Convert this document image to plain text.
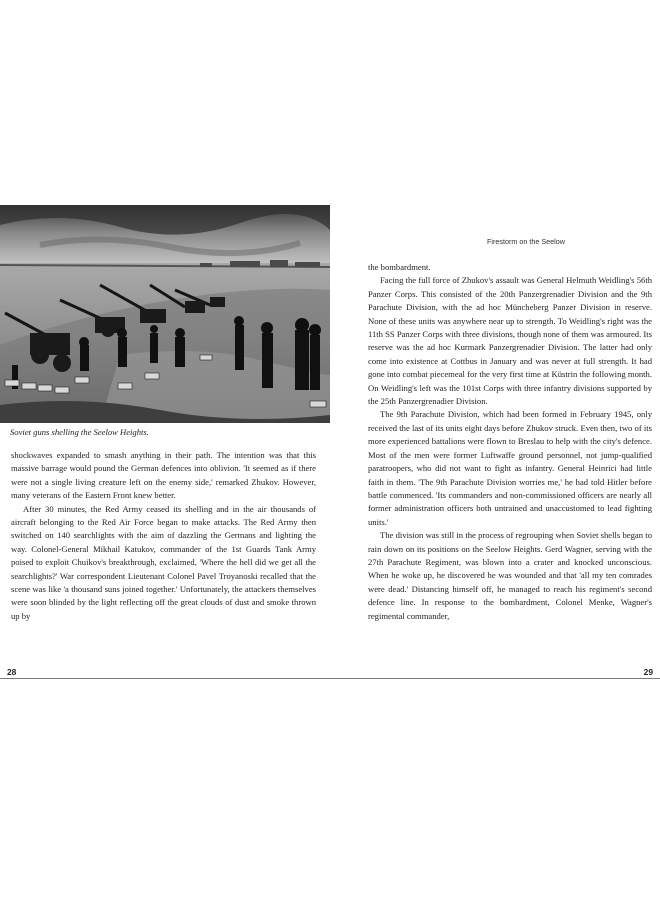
Soviet guns shelling the Seelow Heights.

shockwaves expanded to smash anything in their path. The intention was that this massive barrage would pound the German defences into oblivion. 'It seemed as if there were not a single living creature left on the enemy side,' remarked Zhukov. However, many veterans of the Eastern Front knew better.

After 30 minutes, the Red Army ceased its shelling and in the air thousands of aircraft belonging to the Red Air Force began to make attacks. The Red Army then switched on 140 searchlights with the aim of dazzling the Germans and lighting the way. Colonel-General Mikhail Katukov, commander of the 1st Guards Tank Army poised to exploit Chuikov's breakthrough, exclaimed, 'Where the hell did we get all the searchlights?' War correspondent Lieutenant Colonel Pavel Troyanoski recalled that the scene was like 'a thousand suns joined together.' Unfortunately, the attackers themselves were soon blinded by the light reflecting off the great clouds of dust and smoke thrown up by

28
Firestorm on the Seelow

the bombardment.

Facing the full force of Zhukov's assault was General Helmuth Weidling's 56th Panzer Corps. This consisted of the 20th Panzergrenadier Division and the 9th Parachute Division, with the ad hoc Müncheberg Panzer Division in reserve. None of these units was anywhere near up to strength. To Weidling's right was the 11th SS Panzer Corps with three divisions, though none of them was armoured. Its reserve was the ad hoc Kurmark Panzergrenadier Division. The latter had only come into existence at Cottbus in January and was never at full strength. It had gone into combat piecemeal for the very first time at Küstrin the following month. On Weidling's left was the 101st Corps with three infantry divisions supported by the 25th Panzergrenadier Division.

The 9th Parachute Division, which had been formed in February 1945, only received the last of its units eight days before Zhukov struck. Even then, two of its more experienced battalions were flown to Breslau to help with the city's defence. Most of the men were former Luftwaffe ground personnel, not jump-qualified paratroopers, who did not want to fight as infantry. General Heinrici had little faith in them. 'The 9th Parachute Division worries me,' he had told Hitler before battle commenced. 'Its commanders and non-commissioned officers are nearly all former administration officers both untrained and unaccustomed to lead fighting units.'

The division was still in the process of regrouping when Soviet shells began to rain down on its positions on the Seelow Heights. Gerd Wagner, serving with the 27th Parachute Regiment, was blown into a crater and knocked unconscious. When he woke up, he discovered he was wounded and that 'all my ten comrades were dead.' Distancing himself off, he managed to reach his regiment's second defence line. In response to the bombardment, Colonel Menke, Wagner's regimental commander,

29
